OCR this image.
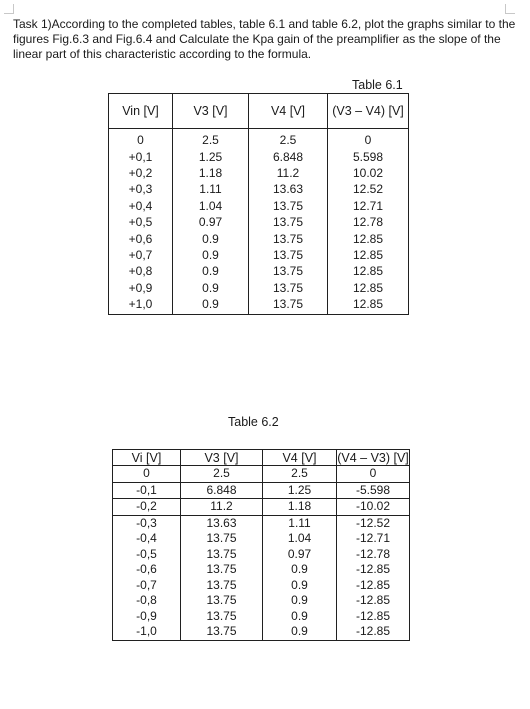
Task 1)According to the completed tables, table 6.1 and table 6.2, plot the graphs similar to the figures Fig.6.3 and Fig.6.4 and Calculate the Kpa gain of the preamplifier as the slope of the linear part of this characteristic according to the formula.

Table 6.1

Vin [V]	V3 [V]	V4 [V]	(V3 – V4) [V]
0	2.5	2.5	0
+0,1	1.25	6.848	5.598
+0,2	1.18	11.2	10.02
+0,3	1.11	13.63	12.52
+0,4	1.04	13.75	12.71
+0,5	0.97	13.75	12.78
+0,6	0.9	13.75	12.85
+0,7	0.9	13.75	12.85
+0,8	0.9	13.75	12.85
+0,9	0.9	13.75	12.85
+1,0	0.9	13.75	12.85

Table 6.2

Vi [V]	V3 [V]	V4 [V]	(V4 – V3) [V]
0	2.5	2.5	0
-0,1	6.848	1.25	-5.598
-0,2	11.2	1.18	-10.02
-0,3	13.63	1.11	-12.52
-0,4	13.75	1.04	-12.71
-0,5	13.75	0.97	-12.78
-0,6	13.75	0.9	-12.85
-0,7	13.75	0.9	-12.85
-0,8	13.75	0.9	-12.85
-0,9	13.75	0.9	-12.85
-1,0	13.75	0.9	-12.85
